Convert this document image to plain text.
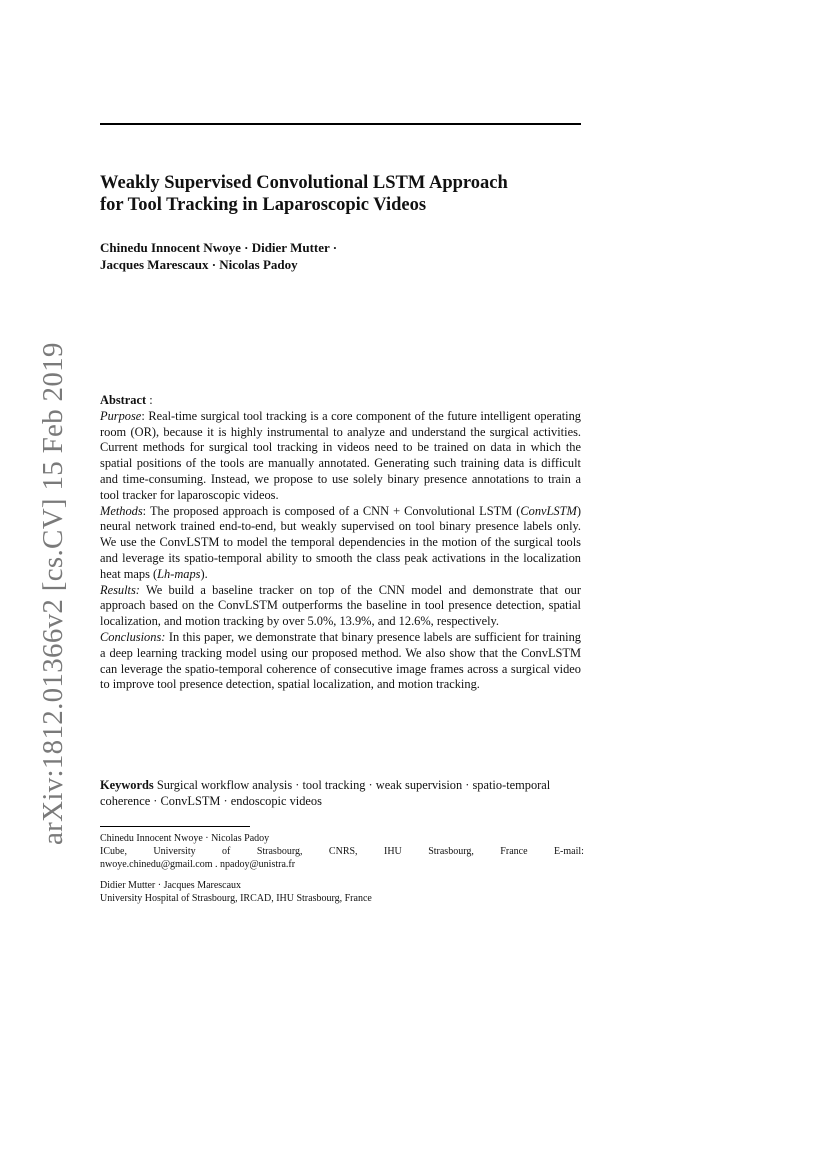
arXiv:1812.01366v2 [cs.CV] 15 Feb 2019
Weakly Supervised Convolutional LSTM Approach
for Tool Tracking in Laparoscopic Videos
Chinedu Innocent Nwoye · Didier Mutter ·
Jacques Marescaux · Nicolas Padoy

Abstract :

Purpose: Real-time surgical tool tracking is a core component of the future intelligent operating room (OR), because it is highly instrumental to analyze and understand the surgical activities. Current methods for surgical tool tracking in videos need to be trained on data in which the spatial positions of the tools are manually annotated. Generating such training data is difficult and time-consuming. Instead, we propose to use solely binary presence annotations to train a tool tracker for laparoscopic videos.

Methods: The proposed approach is composed of a CNN + Convolutional LSTM (ConvLSTM) neural network trained end-to-end, but weakly supervised on tool binary presence labels only. We use the ConvLSTM to model the temporal dependencies in the motion of the surgical tools and leverage its spatio-temporal ability to smooth the class peak activations in the localization heat maps (Lh-maps).

Results: We build a baseline tracker on top of the CNN model and demonstrate that our approach based on the ConvLSTM outperforms the baseline in tool presence detection, spatial localization, and motion tracking by over 5.0%, 13.9%, and 12.6%, respectively.

Conclusions: In this paper, we demonstrate that binary presence labels are sufficient for training a deep learning tracking model using our proposed method. We also show that the ConvLSTM can leverage the spatio-temporal coherence of consecutive image frames across a surgical video to improve tool presence detection, spatial localization, and motion tracking.

Keywords Surgical workflow analysis · tool tracking · weak supervision · spatio-temporal coherence · ConvLSTM · endoscopic videos
Chinedu Innocent Nwoye · Nicolas Padoy
ICube,	University	of	Strasbourg,	CNRS,	IHU	Strasbourg,	France	E-mail:
nwoye.chinedu@gmail.com . npadoy@unistra.fr
Didier Mutter · Jacques Marescaux
University Hospital of Strasbourg, IRCAD, IHU Strasbourg, France
